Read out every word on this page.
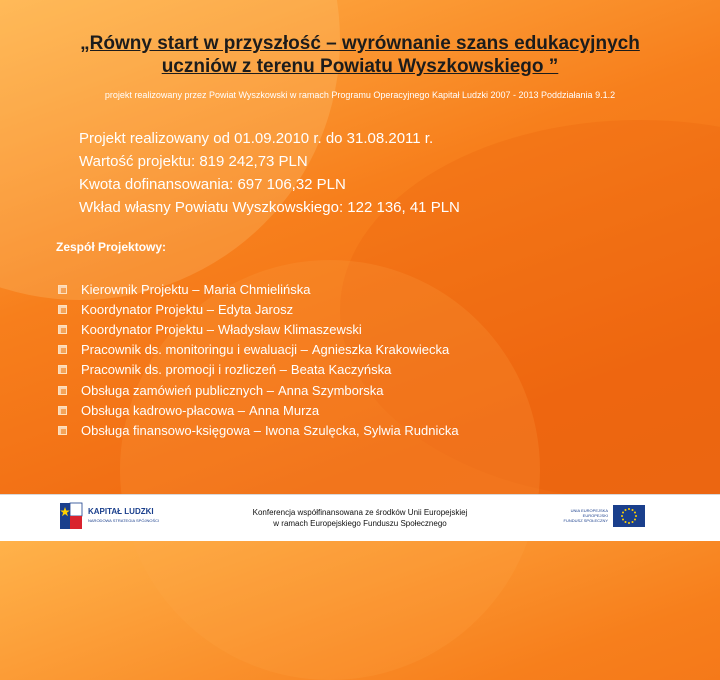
„Równy start w przyszłość – wyrównanie szans edukacyjnych
uczniów z terenu Powiatu Wyszkowskiego ”

projekt realizowany przez Powiat Wyszkowski w ramach Programu Operacyjnego Kapitał Ludzki 2007 - 2013 Poddziałania 9.1.2

Projekt realizowany od 01.09.2010 r. do 31.08.2011 r.
Wartość projektu: 819 242,73 PLN
Kwota dofinansowania: 697 106,32 PLN
Wkład własny Powiatu Wyszkowskiego: 122 136, 41 PLN
Zespół Projektowy:
Kierownik Projektu – Maria Chmielińska
Koordynator Projektu – Edyta Jarosz
Koordynator Projektu – Władysław Klimaszewski
Pracownik ds. monitoringu i ewaluacji – Agnieszka Krakowiecka
Pracownik ds. promocji i rozliczeń – Beata Kaczyńska
Obsługa zamówień publicznych – Anna Szymborska
Obsługa kadrowo-płacowa – Anna Murza
Obsługa finansowo-księgowa – Iwona Szulęcka, Sylwia Rudnicka
KAPITAŁ LUDZKI
NARODOWA STRATEGIA SPÓJNOŚCI

Konferencja współfinansowana ze środków Unii Europejskiej
w ramach Europejskiego Funduszu Społecznego

UNIA EUROPEJSKA
EUROPEJSKI
FUNDUSZ SPOŁECZNY
